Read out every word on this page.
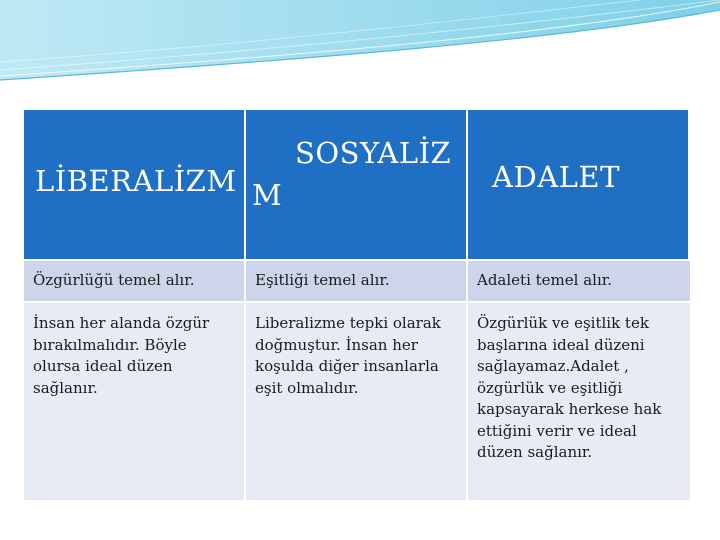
LİBERALİZM
SOSYALİZ
M
ADALET
Özgürlüğü temel alır.	Eşitliği temel alır.	Adaleti temel alır.
İnsan her alanda özgür bırakılmalıdır. Böyle olursa ideal düzen sağlanır.
Liberalizme tepki olarak doğmuştur. İnsan her koşulda diğer insanlarla eşit olmalıdır.
Özgürlük ve eşitlik tek başlarına ideal düzeni sağlayamaz.Adalet , özgürlük ve eşitliği kapsayarak herkese hak ettiğini verir ve ideal düzen sağlanır.
